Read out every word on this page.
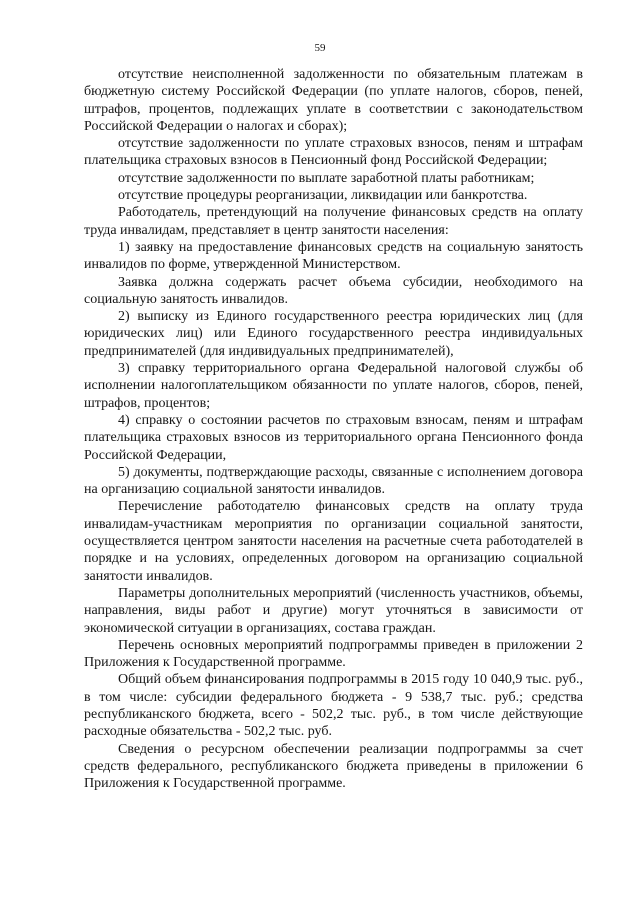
59

отсутствие неисполненной задолженности по обязательным платежам в бюджетную систему Российской Федерации (по уплате налогов, сборов, пеней, штрафов, процентов, подлежащих уплате в соответствии с законодательством Российской Федерации о налогах и сборах);

отсутствие задолженности по уплате страховых взносов, пеням и штрафам плательщика страховых взносов в Пенсионный фонд Российской Федерации;

отсутствие задолженности по выплате заработной платы работникам;

отсутствие процедуры реорганизации, ликвидации или банкротства.

Работодатель, претендующий на получение финансовых средств на оплату труда инвалидам, представляет в центр занятости населения:

1) заявку на предоставление финансовых средств на социальную занятость инвалидов по форме, утвержденной Министерством.

Заявка должна содержать расчет объема субсидии, необходимого на социальную занятость инвалидов.

2) выписку из Единого государственного реестра юридических лиц (для юридических лиц) или Единого государственного реестра индивидуальных предпринимателей (для индивидуальных предпринимателей),

3) справку территориального органа Федеральной налоговой службы об исполнении налогоплательщиком обязанности по уплате налогов, сборов, пеней, штрафов, процентов;

4) справку о состоянии расчетов по страховым взносам, пеням и штрафам плательщика страховых взносов из территориального органа Пенсионного фонда Российской Федерации,

5) документы, подтверждающие расходы, связанные с исполнением договора на организацию социальной занятости инвалидов.

Перечисление работодателю финансовых средств на оплату труда инвалидам-участникам мероприятия по организации социальной занятости, осуществляется центром занятости населения на расчетные счета работодателей в порядке и на условиях, определенных договором на организацию социальной занятости инвалидов.

Параметры дополнительных мероприятий (численность участников, объемы, направления, виды работ и другие) могут уточняться в зависимости от экономической ситуации в организациях, состава граждан.

Перечень основных мероприятий подпрограммы приведен в приложении 2 Приложения к Государственной программе.

Общий объем финансирования подпрограммы в 2015 году 10 040,9 тыс. руб., в том числе: субсидии федерального бюджета - 9 538,7 тыс. руб.; средства республиканского бюджета, всего - 502,2 тыс. руб., в том числе действующие расходные обязательства - 502,2 тыс. руб.

Сведения о ресурсном обеспечении реализации подпрограммы за счет средств федерального, республиканского бюджета приведены в приложении 6 Приложения к Государственной программе.
